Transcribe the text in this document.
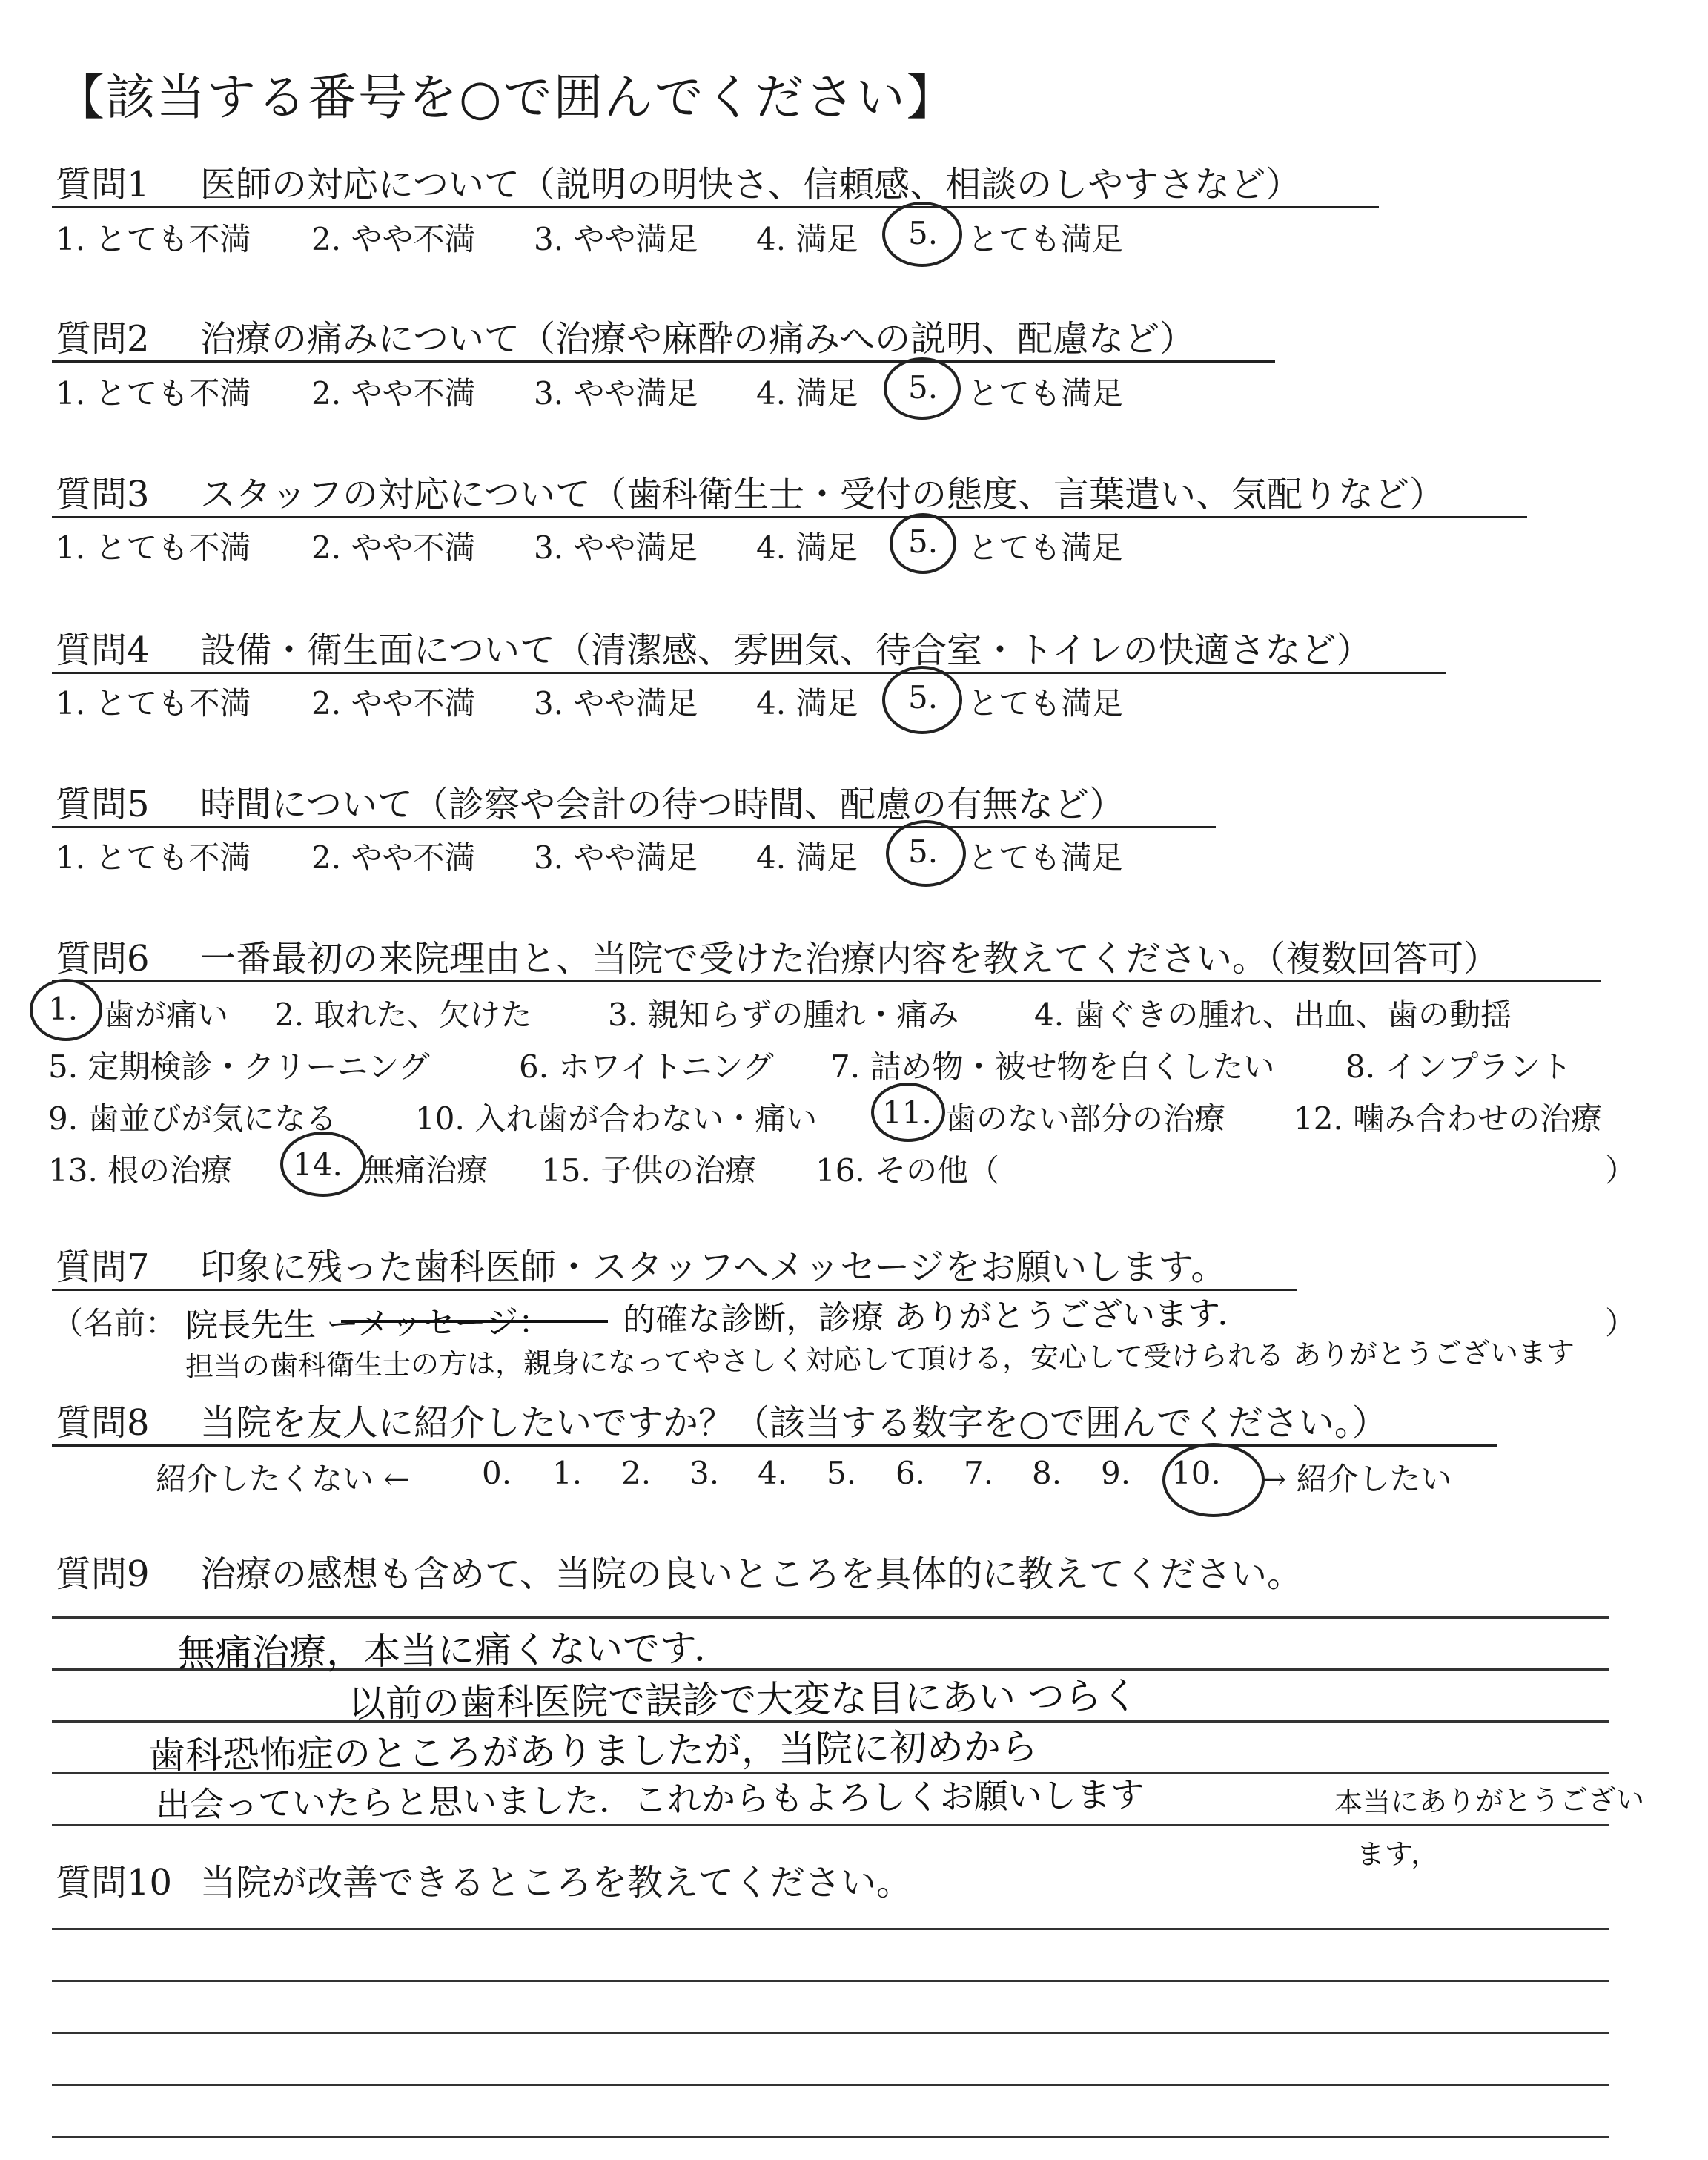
【該当する番号を○で囲んでください】
質問1 医師の対応について（説明の明快さ、信頼感、相談のしやすさなど）
質問2 治療の痛みについて（治療や麻酔の痛みへの説明、配慮など）
質問3 スタッフの対応について（歯科衛生士・受付の態度、言葉遣い、気配りなど）
質問4 設備・衛生面について（清潔感、雰囲気、待合室・トイレの快適さなど）
質問5 時間について（診察や会計の待つ時間、配慮の有無など）
1. とても不満 2. やや不満 3. やや満足 4. 満足 5. とても満足
1. とても不満 2. やや不満 3. やや満足 4. 満足 5. とても満足
1. とても不満 2. やや不満 3. やや満足 4. 満足 5. とても満足
1. とても不満 2. やや不満 3. やや満足 4. 満足 5. とても満足
1. とても不満 2. やや不満 3. やや満足 4. 満足 5. とても満足
質問6 一番最初の来院理由と、当院で受けた治療内容を教えてください。（複数回答可）
1. 歯が痛い 2. 取れた、欠けた 3. 親知らずの腫れ・痛み 4. 歯ぐきの腫れ、出血、歯の動揺
5. 定期検診・クリーニング	6. ホワイトニング 7. 詰め物・被せ物を白くしたい 8. インプラント
9. 歯並びが気になる	10. 入れ歯が合わない・痛い 11. 歯のない部分の治療 12. 噛み合わせの治療
13. 根の治療 14. 無痛治療 15. 子供の治療 16. その他（	）
質問7 印象に残った歯科医師・スタッフへメッセージをお願いします。
（名前：	）
院長先生 ーメッセージ： 的確な診断，診療 ありがとうございます．
担当の歯科衛生士の方は，親身になってやさしく対応して頂ける，安心して受けられる ありがとうございます
質問8 当院を友人に紹介したいですか？（該当する数字を○で囲んでください。）
紹介したくない ← 0. 1. 2. 3. 4. 5. 6. 7. 8. 9. 10. → 紹介したい
質問9 治療の感想も含めて、当院の良いところを具体的に教えてください。
無痛治療，本当に痛くないです．
以前の歯科医院で誤診で大変な目にあい つらく
歯科恐怖症のところがありましたが，当院に初めから
出会っていたらと思いました．これからもよろしくお願いします	本当にありがとうござい
ます，
質問10 当院が改善できるところを教えてください。
